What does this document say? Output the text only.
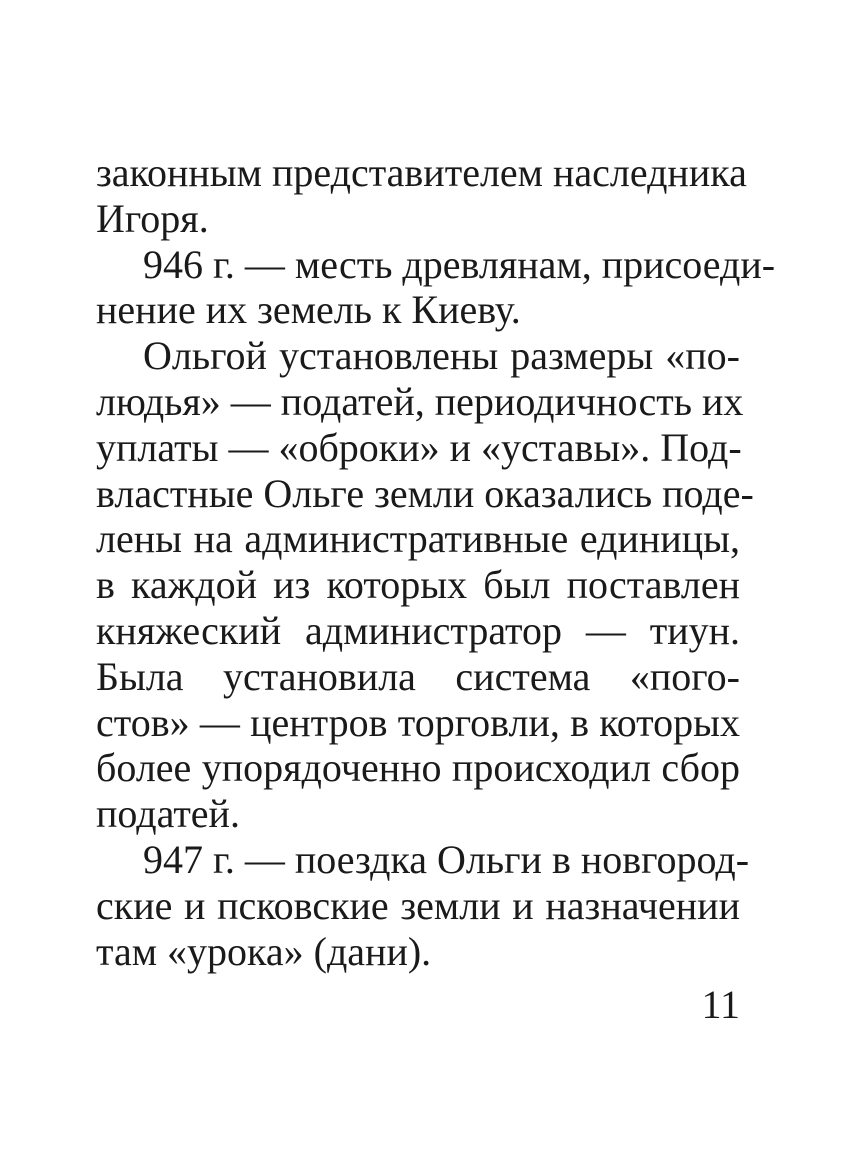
законным представителем наследника
Игоря.
946 г. — месть древлянам, присоеди-
нение их земель к Киеву.
Ольгой установлены размеры «по-
людья» — податей, периодичность их
уплаты — «оброки» и «уставы». Под-
властные Ольге земли оказались поде-
лены на административные единицы,
в каждой из которых был поставлен
княжеский администратор — тиун.
Была установила система «пого-
стов» — центров торговли, в которых
более упорядоченно происходил сбор
податей.
947 г. — поездка Ольги в новгород-
ские и псковские земли и назначении
там «урока» (дани).
11
